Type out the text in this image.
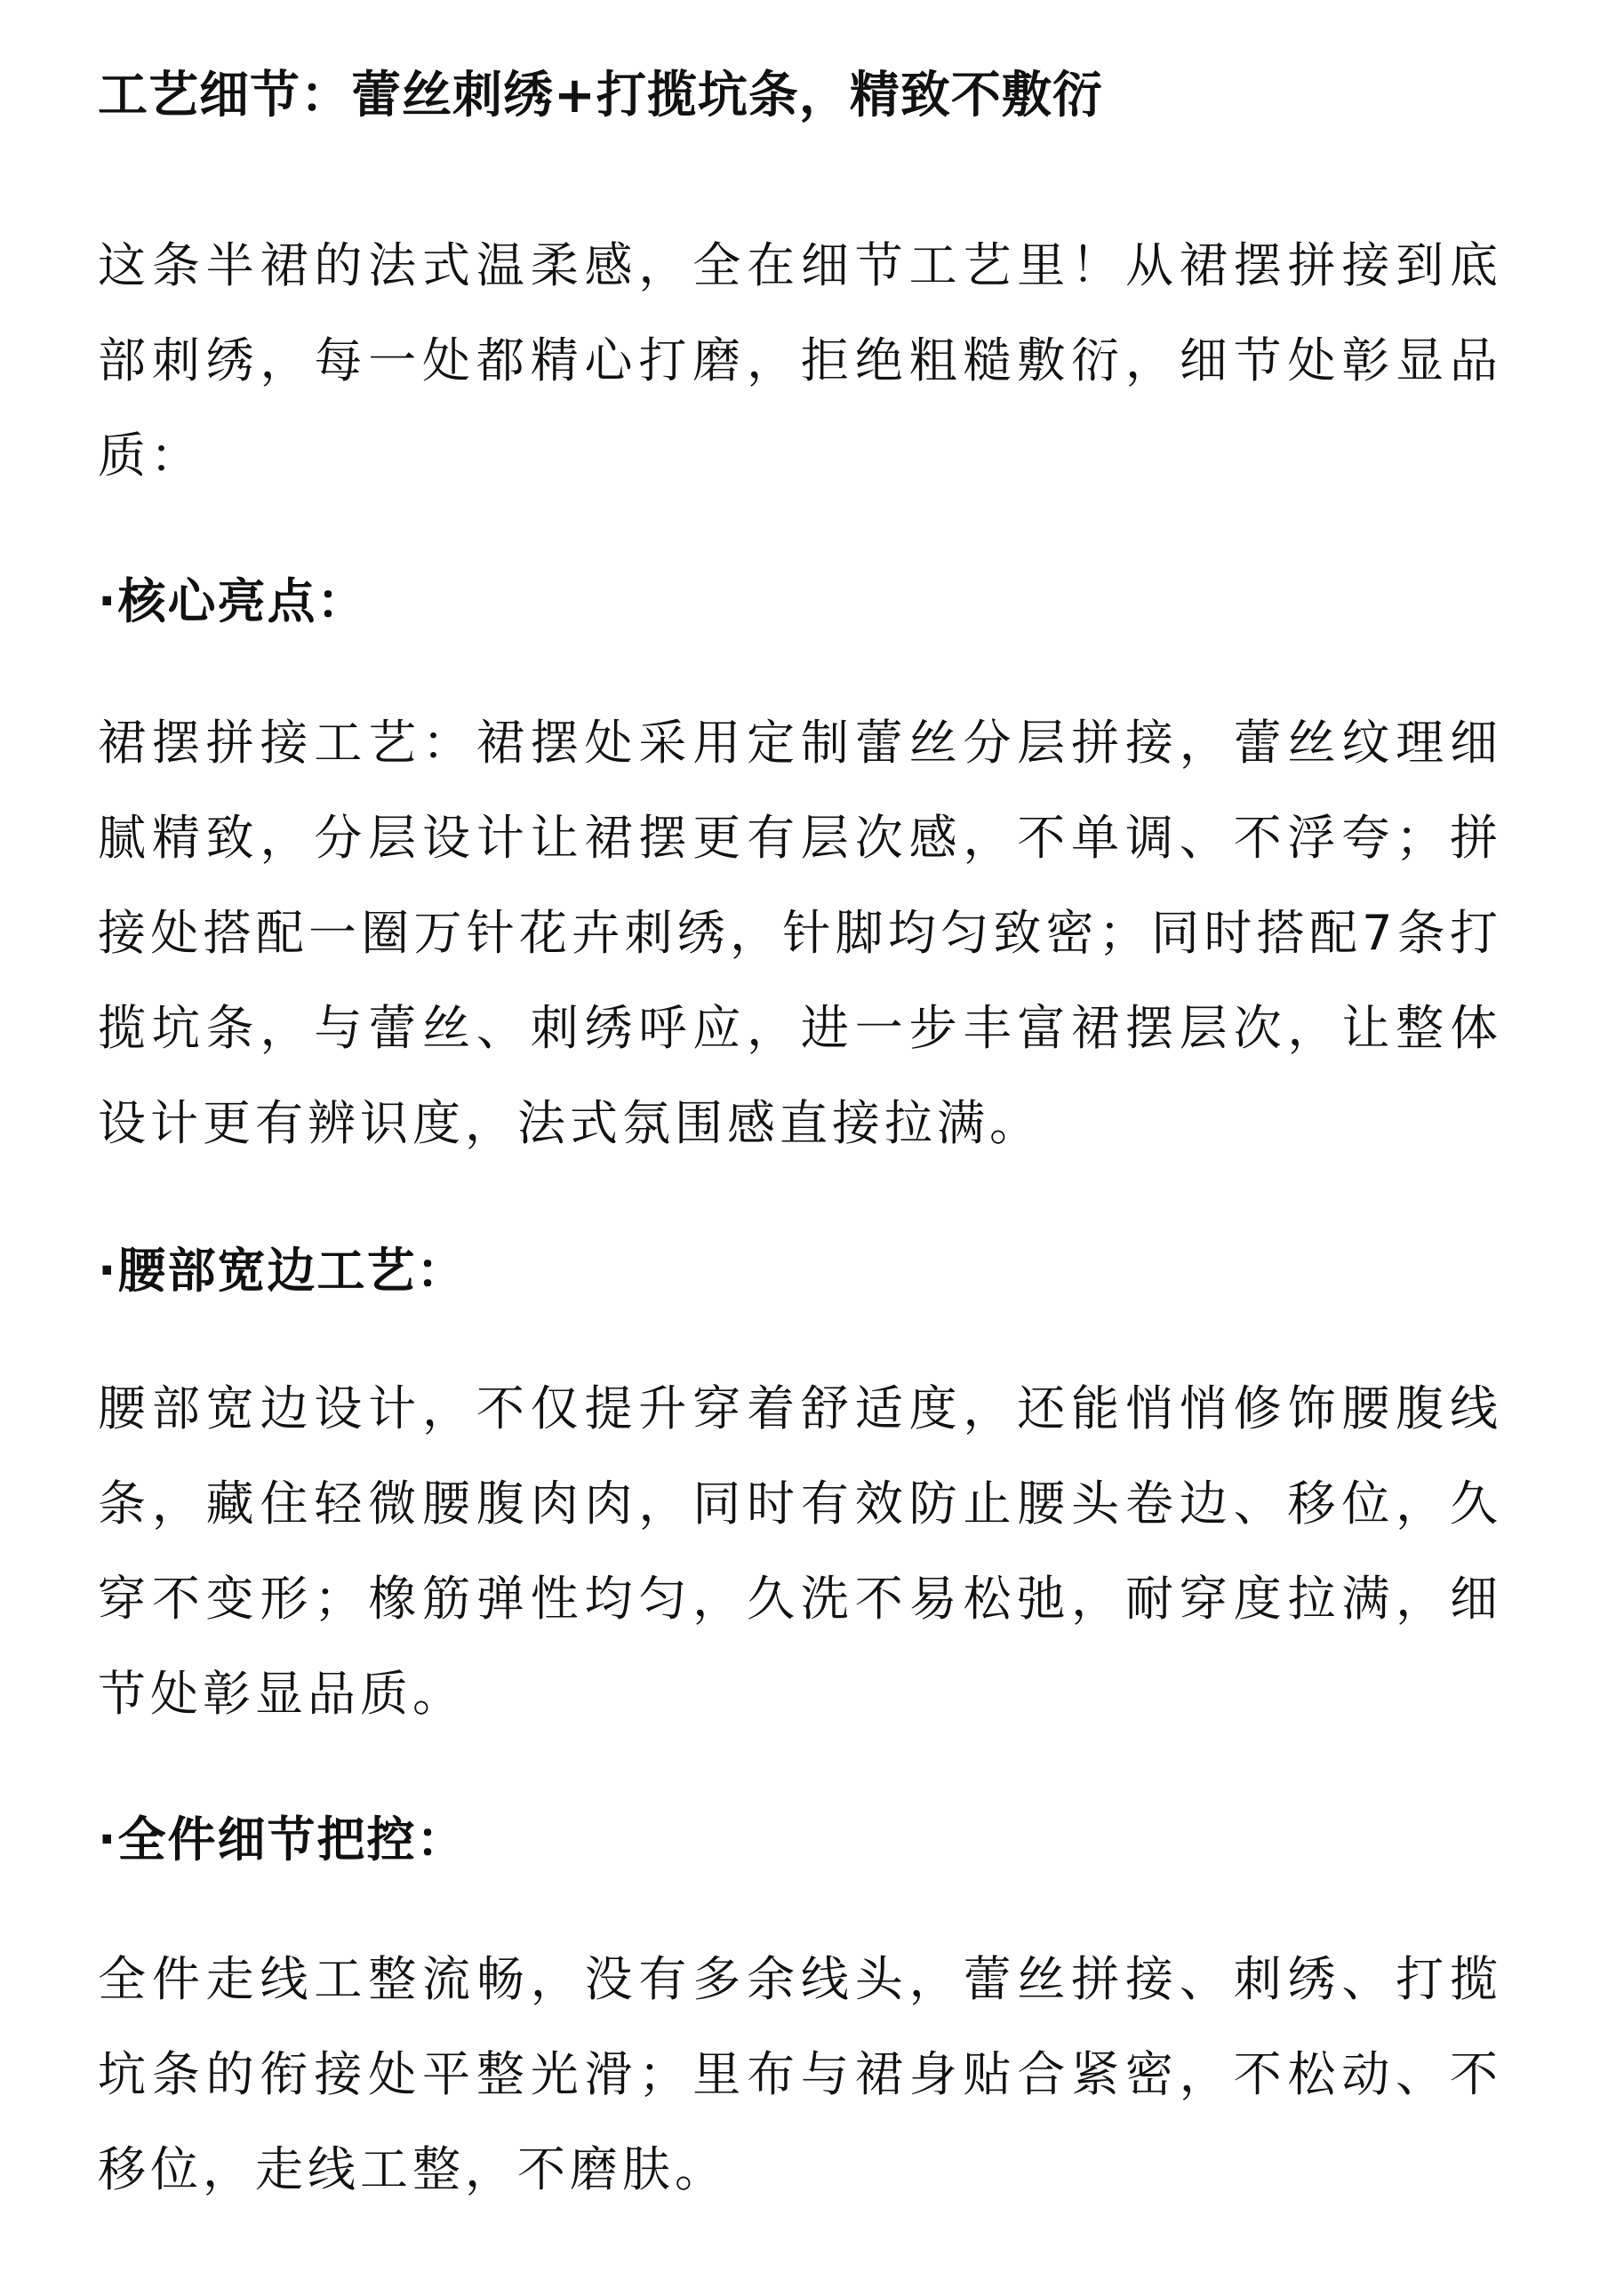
工艺细节：蕾丝刺绣+打揽坑条，精致不敷衍

这条半裙的法式温柔感，全在细节工艺里！从裙摆拼接到底部刺绣，每一处都精心打磨，拒绝粗糙敷衍，细节处彰显品质：

·核心亮点：

裙摆拼接工艺：裙摆处采用定制蕾丝分层拼接，蕾丝纹理细腻精致，分层设计让裙摆更有层次感，不单调、不浮夸；拼接处搭配一圈万针花卉刺绣，针脚均匀致密；同时搭配7条打揽坑条，与蕾丝、刺绣呼应，进一步丰富裙摆层次，让整体设计更有辨识度，法式氛围感直接拉满。

·腰部宽边工艺：

腰部宽边设计，不仅提升穿着舒适度，还能悄悄修饰腰腹线条，藏住轻微腰腹肉肉，同时有效防止腰头卷边、移位，久穿不变形；橡筋弹性均匀，久洗不易松弛，耐穿度拉满，细节处彰显品质。

·全件细节把控：

全件走线工整流畅，没有多余线头，蕾丝拼接、刺绣、打揽坑条的衔接处平整光滑；里布与裙身贴合紧密，不松动、不移位，走线工整，不磨肤。
